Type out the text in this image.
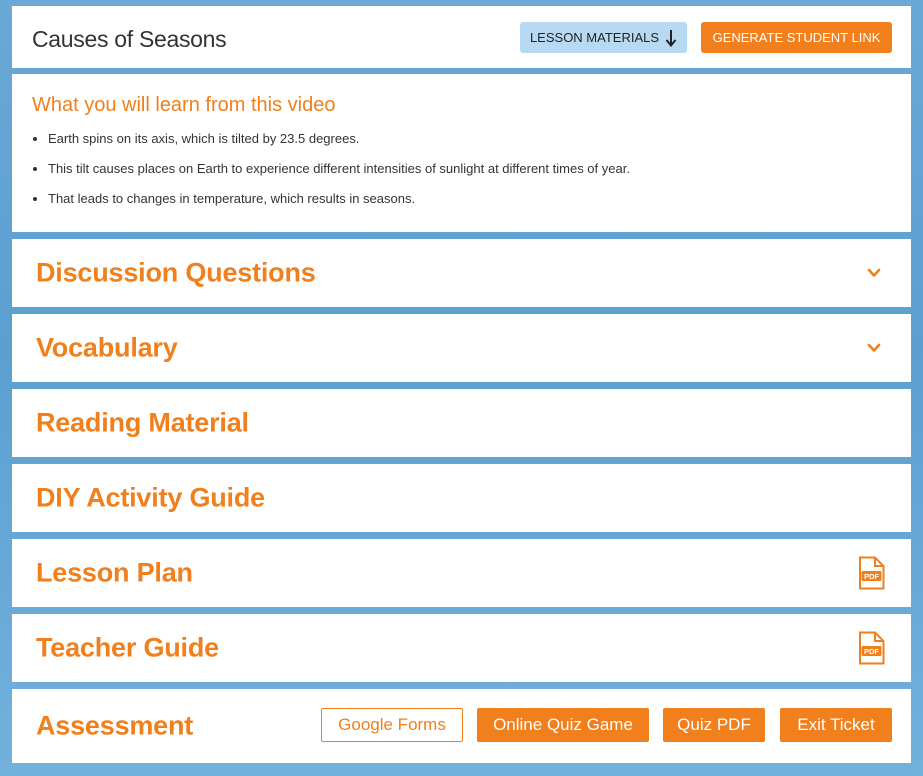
Causes of Seasons	LESSON MATERIALS	GENERATE STUDENT LINK
What you will learn from this video
• Earth spins on its axis, which is tilted by 23.5 degrees.
• This tilt causes places on Earth to experience different intensities of sunlight at different times of year.
• That leads to changes in temperature, which results in seasons.
Discussion Questions
Vocabulary
Reading Material
DIY Activity Guide
Lesson Plan	PDF
Teacher Guide	PDF
Assessment	Google Forms	Online Quiz Game	Quiz PDF	Exit Ticket
